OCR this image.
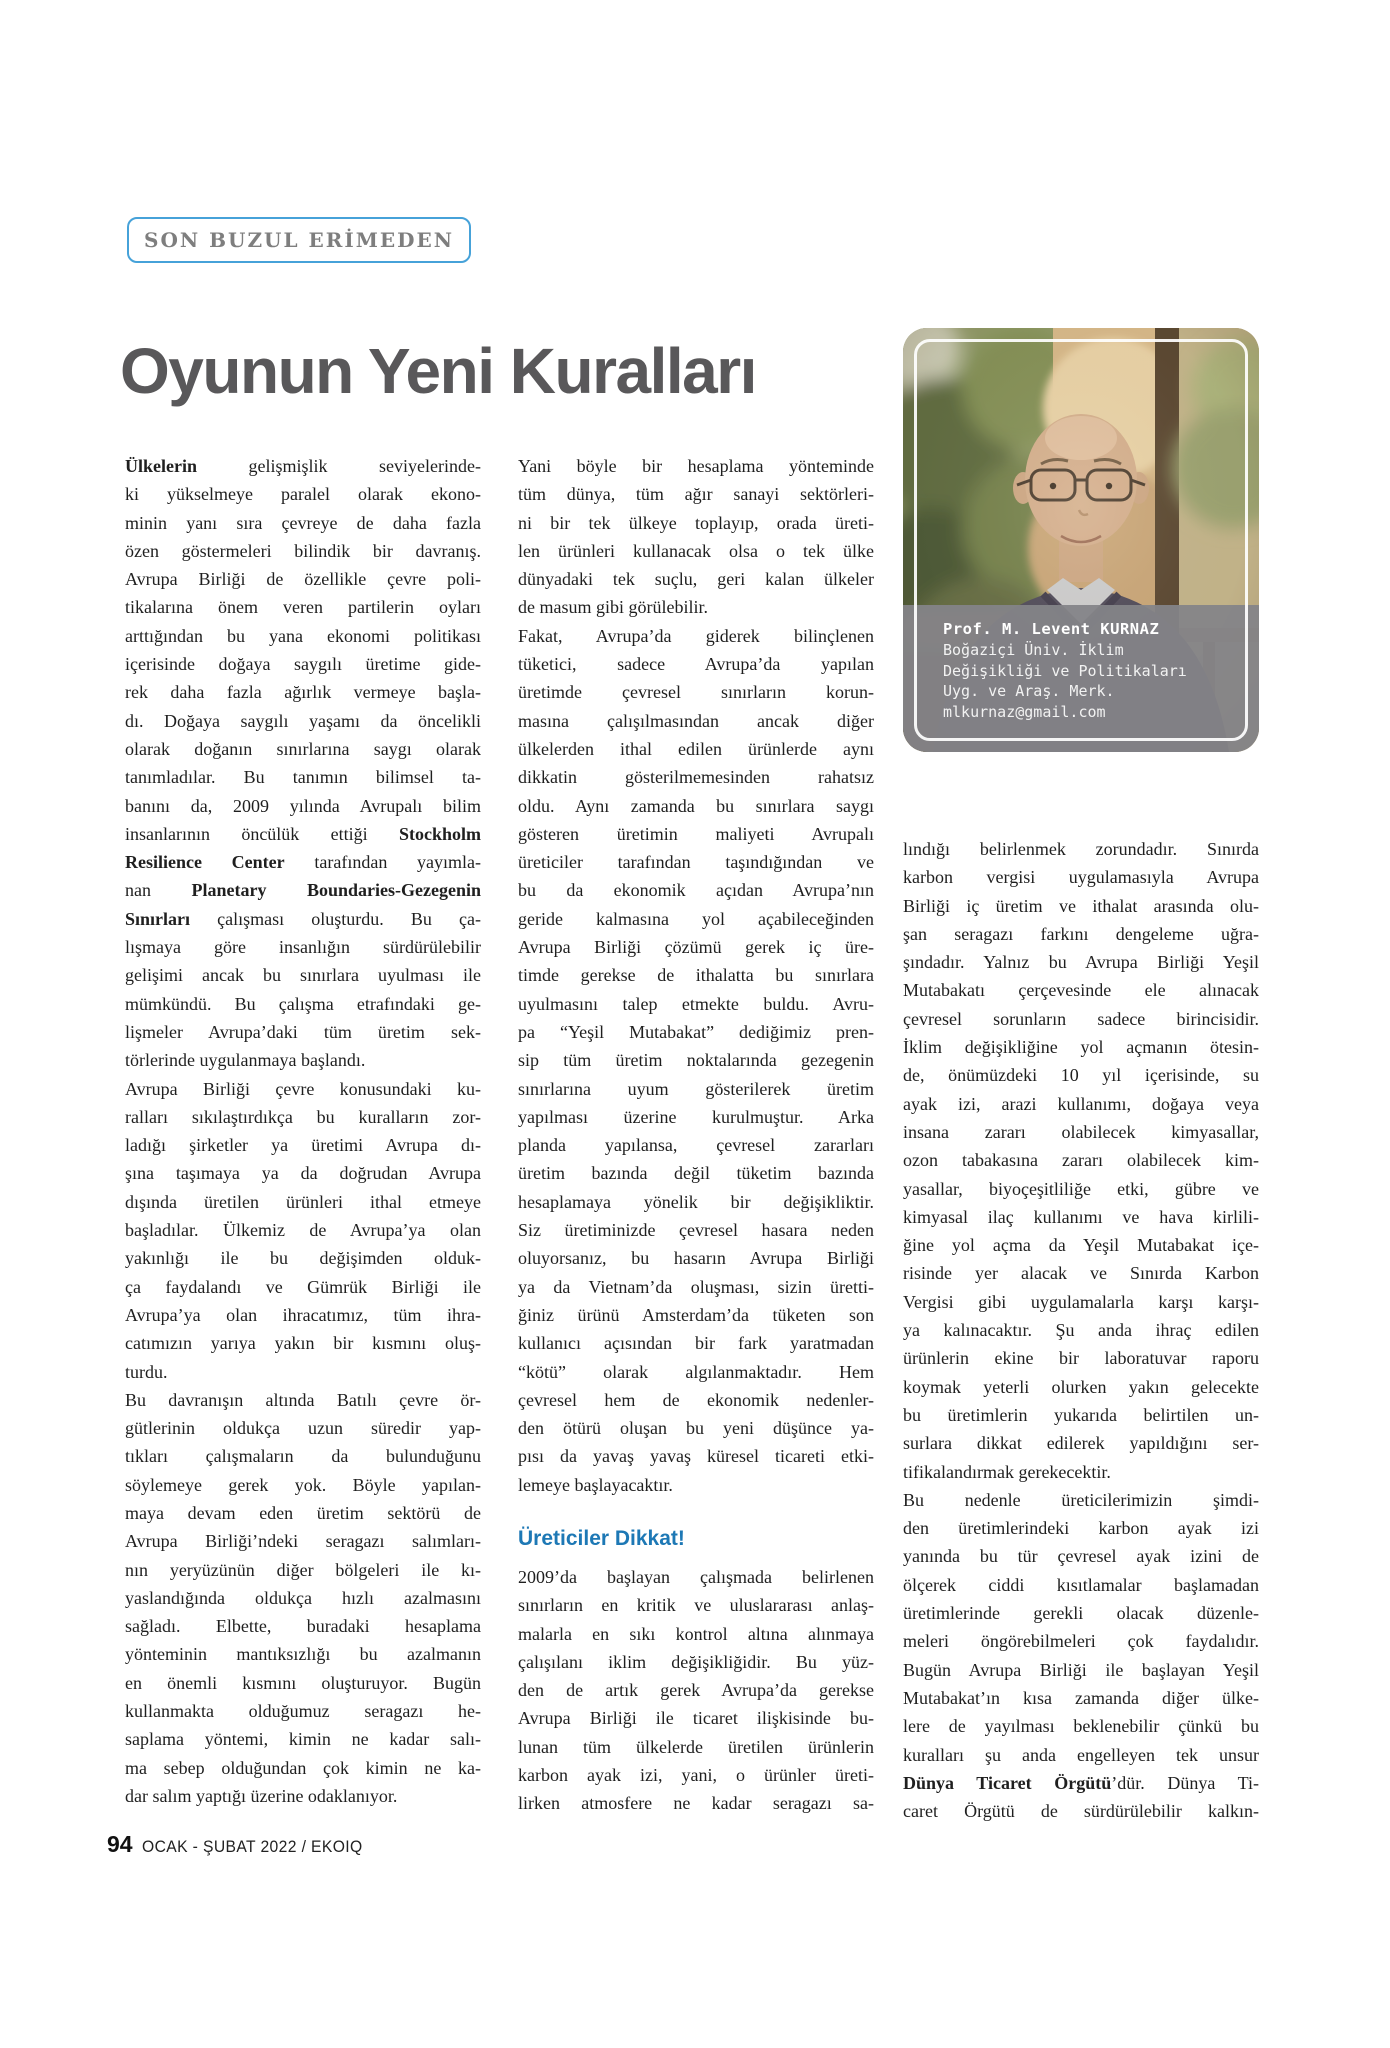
SON BUZUL ERİMEDEN
Oyunun Yeni Kuralları
Ülkelerin gelişmişlik seviyelerinde-
ki yükselmeye paralel olarak ekono-
minin yanı sıra çevreye de daha fazla
özen göstermeleri bilindik bir davranış.
Avrupa Birliği de özellikle çevre poli-
tikalarına önem veren partilerin oyları
arttığından bu yana ekonomi politikası
içerisinde doğaya saygılı üretime gide-
rek daha fazla ağırlık vermeye başla-
dı. Doğaya saygılı yaşamı da öncelikli
olarak doğanın sınırlarına saygı olarak
tanımladılar. Bu tanımın bilimsel ta-
banını da, 2009 yılında Avrupalı bilim
insanlarının öncülük ettiği Stockholm
Resilience Center tarafından yayımla-
nan Planetary Boundaries-Gezegenin
Sınırları çalışması oluşturdu. Bu ça-
lışmaya göre insanlığın sürdürülebilir
gelişimi ancak bu sınırlara uyulması ile
mümkündü. Bu çalışma etrafındaki ge-
lişmeler Avrupa’daki tüm üretim sek-
törlerinde uygulanmaya başlandı.
Avrupa Birliği çevre konusundaki ku-
ralları sıkılaştırdıkça bu kuralların zor-
ladığı şirketler ya üretimi Avrupa dı-
şına taşımaya ya da doğrudan Avrupa
dışında üretilen ürünleri ithal etmeye
başladılar. Ülkemiz de Avrupa’ya olan
yakınlığı ile bu değişimden olduk-
ça faydalandı ve Gümrük Birliği ile
Avrupa’ya olan ihracatımız, tüm ihra-
catımızın yarıya yakın bir kısmını oluş-
turdu.
Bu davranışın altında Batılı çevre ör-
gütlerinin oldukça uzun süredir yap-
tıkları çalışmaların da bulunduğunu
söylemeye gerek yok. Böyle yapılan-
maya devam eden üretim sektörü de
Avrupa Birliği’ndeki seragazı salımları-
nın yeryüzünün diğer bölgeleri ile kı-
yaslandığında oldukça hızlı azalmasını
sağladı. Elbette, buradaki hesaplama
yönteminin mantıksızlığı bu azalmanın
en önemli kısmını oluşturuyor. Bugün
kullanmakta olduğumuz seragazı he-
saplama yöntemi, kimin ne kadar salı-
ma sebep olduğundan çok kimin ne ka-
dar salım yaptığı üzerine odaklanıyor.
Yani böyle bir hesaplama yönteminde
tüm dünya, tüm ağır sanayi sektörleri-
ni bir tek ülkeye toplayıp, orada üreti-
len ürünleri kullanacak olsa o tek ülke
dünyadaki tek suçlu, geri kalan ülkeler
de masum gibi görülebilir.
Fakat, Avrupa’da giderek bilinçlenen
tüketici, sadece Avrupa’da yapılan
üretimde çevresel sınırların korun-
masına çalışılmasından ancak diğer
ülkelerden ithal edilen ürünlerde aynı
dikkatin gösterilmemesinden rahatsız
oldu. Aynı zamanda bu sınırlara saygı
gösteren üretimin maliyeti Avrupalı
üreticiler tarafından taşındığından ve
bu da ekonomik açıdan Avrupa’nın
geride kalmasına yol açabileceğinden
Avrupa Birliği çözümü gerek iç üre-
timde gerekse de ithalatta bu sınırlara
uyulmasını talep etmekte buldu. Avru-
pa “Yeşil Mutabakat” dediğimiz pren-
sip tüm üretim noktalarında gezegenin
sınırlarına uyum gösterilerek üretim
yapılması üzerine kurulmuştur. Arka
planda yapılansa, çevresel zararları
üretim bazında değil tüketim bazında
hesaplamaya yönelik bir değişikliktir.
Siz üretiminizde çevresel hasara neden
oluyorsanız, bu hasarın Avrupa Birliği
ya da Vietnam’da oluşması, sizin üretti-
ğiniz ürünü Amsterdam’da tüketen son
kullanıcı açısından bir fark yaratmadan
“kötü” olarak algılanmaktadır. Hem
çevresel hem de ekonomik nedenler-
den ötürü oluşan bu yeni düşünce ya-
pısı da yavaş yavaş küresel ticareti etki-
lemeye başlayacaktır.
Üreticiler Dikkat!
2009’da başlayan çalışmada belirlenen
sınırların en kritik ve uluslararası anlaş-
malarla en sıkı kontrol altına alınmaya
çalışılanı iklim değişikliğidir. Bu yüz-
den de artık gerek Avrupa’da gerekse
Avrupa Birliği ile ticaret ilişkisinde bu-
lunan tüm ülkelerde üretilen ürünlerin
karbon ayak izi, yani, o ürünler üreti-
lirken atmosfere ne kadar seragazı sa-
lındığı belirlenmek zorundadır. Sınırda
karbon vergisi uygulamasıyla Avrupa
Birliği iç üretim ve ithalat arasında olu-
şan seragazı farkını dengeleme uğra-
şındadır. Yalnız bu Avrupa Birliği Yeşil
Mutabakatı çerçevesinde ele alınacak
çevresel sorunların sadece birincisidir.
İklim değişikliğine yol açmanın ötesin-
de, önümüzdeki 10 yıl içerisinde, su
ayak izi, arazi kullanımı, doğaya veya
insana zararı olabilecek kimyasallar,
ozon tabakasına zararı olabilecek kim-
yasallar, biyoçeşitliliğe etki, gübre ve
kimyasal ilaç kullanımı ve hava kirlili-
ğine yol açma da Yeşil Mutabakat içe-
risinde yer alacak ve Sınırda Karbon
Vergisi gibi uygulamalarla karşı karşı-
ya kalınacaktır. Şu anda ihraç edilen
ürünlerin ekine bir laboratuvar raporu
koymak yeterli olurken yakın gelecekte
bu üretimlerin yukarıda belirtilen un-
surlara dikkat edilerek yapıldığını ser-
tifikalandırmak gerekecektir.
Bu nedenle üreticilerimizin şimdi-
den üretimlerindeki karbon ayak izi
yanında bu tür çevresel ayak izini de
ölçerek ciddi kısıtlamalar başlamadan
üretimlerinde gerekli olacak düzenle-
meleri öngörebilmeleri çok faydalıdır.
Bugün Avrupa Birliği ile başlayan Yeşil
Mutabakat’ın kısa zamanda diğer ülke-
lere de yayılması beklenebilir çünkü bu
kuralları şu anda engelleyen tek unsur
Dünya Ticaret Örgütü’dür. Dünya Ti-
caret Örgütü de sürdürülebilir kalkın-
Prof. M. Levent KURNAZ
Boğaziçi Üniv. İklim
Değişikliği ve Politikaları
Uyg. ve Araş. Merk.
mlkurnaz@gmail.com
94 OCAK - ŞUBAT 2022 / EKOIQ
